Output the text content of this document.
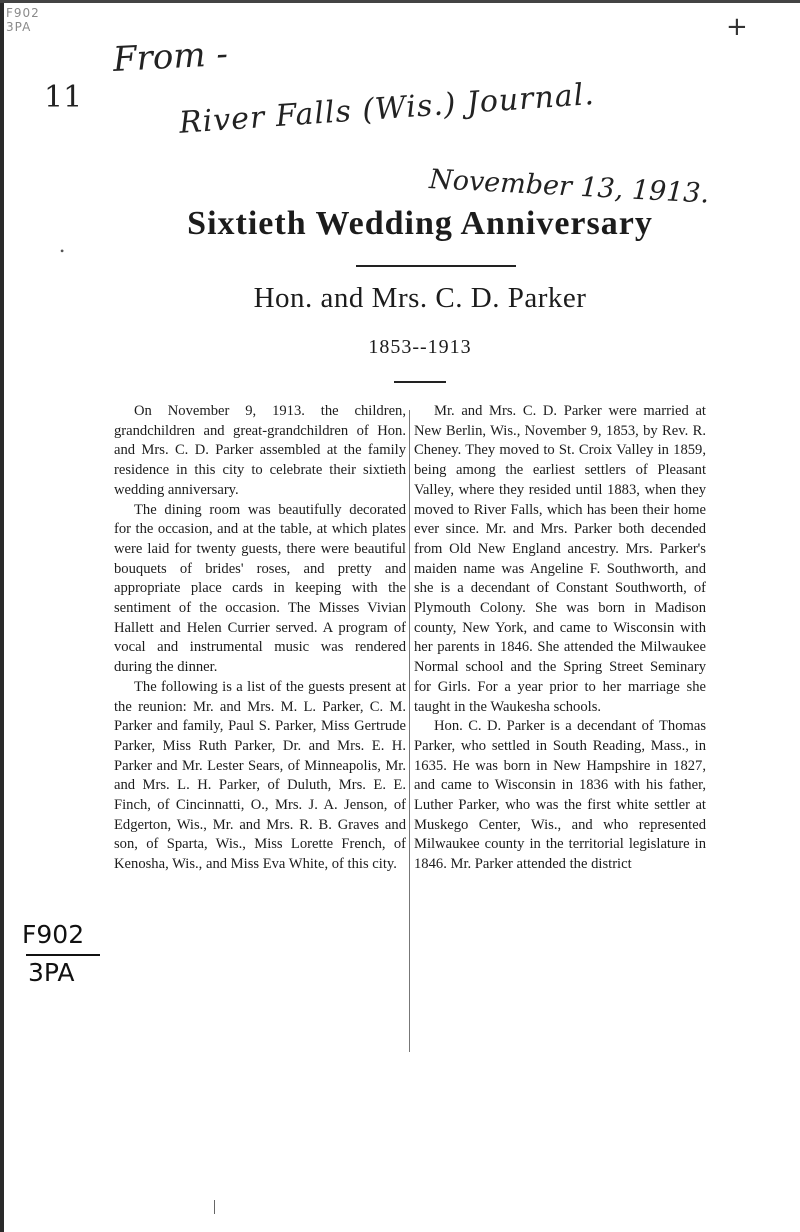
F902
3PA	+
11
From -
River Falls (Wis.) Journal.
November 13, 1913.
•
Sixtieth Wedding Anniversary
Hon. and Mrs. C. D. Parker
1853--1913

On November 9, 1913. the children, grandchildren and great-grandchildren of Hon. and Mrs. C. D. Parker assembled at the family residence in this city to celebrate their sixtieth wedding anniversary.

The dining room was beautifully decorated for the occasion, and at the table, at which plates were laid for twenty guests, there were beautiful bouquets of brides' roses, and pretty and appropriate place cards in keeping with the sentiment of the occasion. The Misses Vivian Hallett and Helen Currier served. A program of vocal and instrumental music was rendered during the dinner.

The following is a list of the guests present at the reunion: Mr. and Mrs. M. L. Parker, C. M. Parker and family, Paul S. Parker, Miss Gertrude Parker, Miss Ruth Parker, Dr. and Mrs. E. H. Parker and Mr. Lester Sears, of Minneapolis, Mr. and Mrs. L. H. Parker, of Duluth, Mrs. E. E. Finch, of Cincinnatti, O., Mrs. J. A. Jenson, of Edgerton, Wis., Mr. and Mrs. R. B. Graves and son, of Sparta, Wis., Miss Lorette French, of Kenosha, Wis., and Miss Eva White, of this city.

Mr. and Mrs. C. D. Parker were married at New Berlin, Wis., November 9, 1853, by Rev. R. Cheney. They moved to St. Croix Valley in 1859, being among the earliest settlers of Pleasant Valley, where they resided until 1883, when they moved to River Falls, which has been their home ever since. Mr. and Mrs. Parker both decended from Old New England ancestry. Mrs. Parker's maiden name was Angeline F. Southworth, and she is a decendant of Constant Southworth, of Plymouth Colony. She was born in Madison county, New York, and came to Wisconsin with her parents in 1846. She attended the Milwaukee Normal school and the Spring Street Seminary for Girls. For a year prior to her marriage she taught in the Waukesha schools.

Hon. C. D. Parker is a decendant of Thomas Parker, who settled in South Reading, Mass., in 1635. He was born in New Hampshire in 1827, and came to Wisconsin in 1836 with his father, Luther Parker, who was the first white settler at Muskego Center, Wis., and who represented Milwaukee county in the territorial legislature in 1846. Mr. Parker attended the district

F902
3PA
